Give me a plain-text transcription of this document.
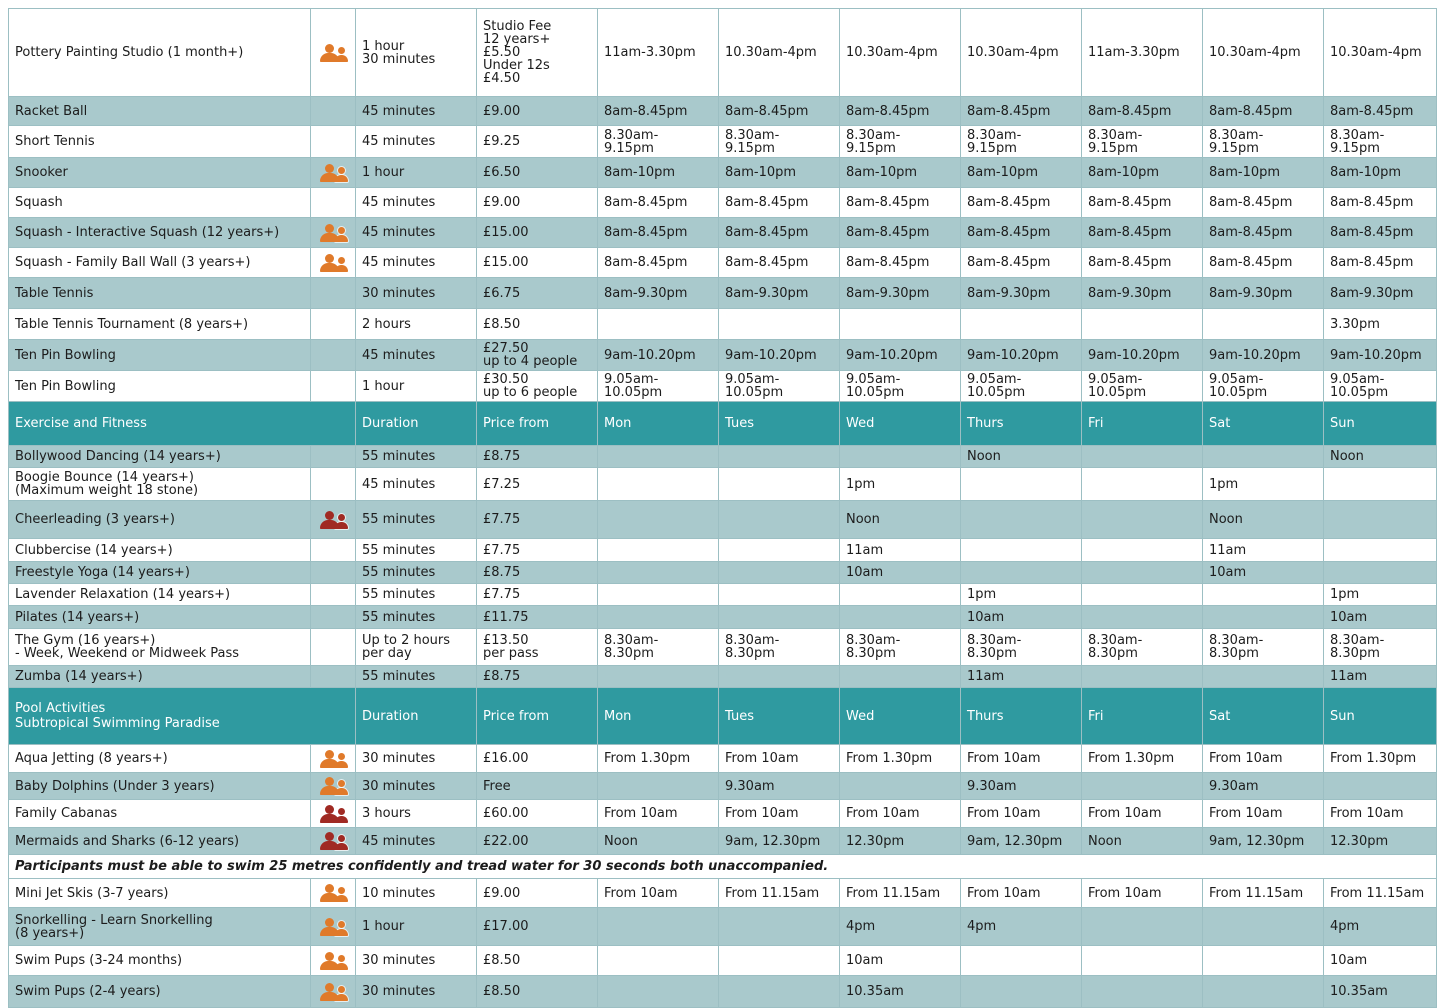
Pottery Painting Studio (1 month+)		1 hour
30 minutes	Studio Fee
12 years+
£5.50
Under 12s
£4.50	11am-3.30pm	10.30am-4pm	10.30am-4pm	10.30am-4pm	11am-3.30pm	10.30am-4pm	10.30am-4pm
Racket Ball		45 minutes	£9.00	8am-8.45pm	8am-8.45pm	8am-8.45pm	8am-8.45pm	8am-8.45pm	8am-8.45pm	8am-8.45pm
Short Tennis		45 minutes	£9.25	8.30am-
9.15pm	8.30am-
9.15pm	8.30am-
9.15pm	8.30am-
9.15pm	8.30am-
9.15pm	8.30am-
9.15pm	8.30am-
9.15pm
Snooker		1 hour	£6.50	8am-10pm	8am-10pm	8am-10pm	8am-10pm	8am-10pm	8am-10pm	8am-10pm
Squash		45 minutes	£9.00	8am-8.45pm	8am-8.45pm	8am-8.45pm	8am-8.45pm	8am-8.45pm	8am-8.45pm	8am-8.45pm
Squash - Interactive Squash (12 years+)		45 minutes	£15.00	8am-8.45pm	8am-8.45pm	8am-8.45pm	8am-8.45pm	8am-8.45pm	8am-8.45pm	8am-8.45pm
Squash - Family Ball Wall (3 years+)		45 minutes	£15.00	8am-8.45pm	8am-8.45pm	8am-8.45pm	8am-8.45pm	8am-8.45pm	8am-8.45pm	8am-8.45pm
Table Tennis		30 minutes	£6.75	8am-9.30pm	8am-9.30pm	8am-9.30pm	8am-9.30pm	8am-9.30pm	8am-9.30pm	8am-9.30pm
Table Tennis Tournament (8 years+)		2 hours	£8.50							3.30pm
Ten Pin Bowling		45 minutes	£27.50
up to 4 people	9am-10.20pm	9am-10.20pm	9am-10.20pm	9am-10.20pm	9am-10.20pm	9am-10.20pm	9am-10.20pm
Ten Pin Bowling		1 hour	£30.50
up to 6 people	9.05am-
10.05pm	9.05am-
10.05pm	9.05am-
10.05pm	9.05am-
10.05pm	9.05am-
10.05pm	9.05am-
10.05pm	9.05am-
10.05pm
Exercise and Fitness		Duration	Price from	Mon	Tues	Wed	Thurs	Fri	Sat	Sun
Bollywood Dancing (14 years+)		55 minutes	£8.75				Noon			Noon
Boogie Bounce (14 years+)
(Maximum weight 18 stone)		45 minutes	£7.25			1pm			1pm	
Cheerleading (3 years+)		55 minutes	£7.75			Noon			Noon	
Clubbercise (14 years+)		55 minutes	£7.75			11am			11am	
Freestyle Yoga (14 years+)		55 minutes	£8.75			10am			10am	
Lavender Relaxation (14 years+)		55 minutes	£7.75				1pm			1pm
Pilates (14 years+)		55 minutes	£11.75				10am			10am
The Gym (16 years+)
- Week, Weekend or Midweek Pass		Up to 2 hours
per day	£13.50
per pass	8.30am-
8.30pm	8.30am-
8.30pm	8.30am-
8.30pm	8.30am-
8.30pm	8.30am-
8.30pm	8.30am-
8.30pm	8.30am-
8.30pm
Zumba (14 years+)		55 minutes	£8.75				11am			11am
Pool Activities
Subtropical Swimming Paradise		Duration	Price from	Mon	Tues	Wed	Thurs	Fri	Sat	Sun
Aqua Jetting (8 years+)		30 minutes	£16.00	From 1.30pm	From 10am	From 1.30pm	From 10am	From 1.30pm	From 10am	From 1.30pm
Baby Dolphins (Under 3 years)		30 minutes	Free		9.30am		9.30am		9.30am	
Family Cabanas		3 hours	£60.00	From 10am	From 10am	From 10am	From 10am	From 10am	From 10am	From 10am
Mermaids and Sharks (6-12 years)		45 minutes	£22.00	Noon	9am, 12.30pm	12.30pm	9am, 12.30pm	Noon	9am, 12.30pm	12.30pm
Participants must be able to swim 25 metres confidently and tread water for 30 seconds both unaccompanied.										
Mini Jet Skis (3-7 years)		10 minutes	£9.00	From 10am	From 11.15am	From 11.15am	From 10am	From 10am	From 11.15am	From 11.15am
Snorkelling - Learn Snorkelling
(8 years+)		1 hour	£17.00			4pm	4pm			4pm
Swim Pups (3-24 months)		30 minutes	£8.50			10am				10am
Swim Pups (2-4 years)		30 minutes	£8.50			10.35am				10.35am
